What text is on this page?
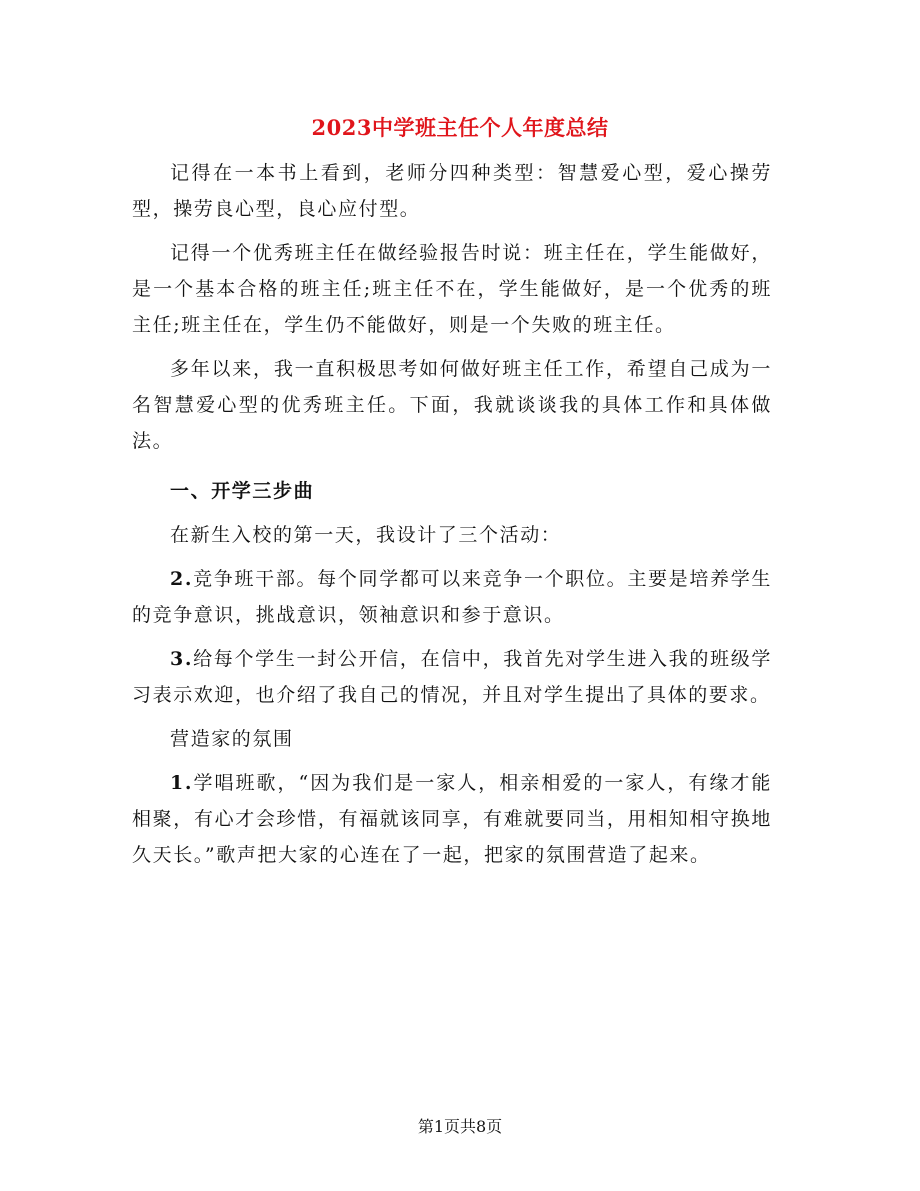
2023中学班主任个人年度总结

记得在一本书上看到，老师分四种类型：智慧爱心型，爱心操劳型，操劳良心型，良心应付型。

记得一个优秀班主任在做经验报告时说：班主任在，学生能做好，是一个基本合格的班主任;班主任不在，学生能做好，是一个优秀的班主任;班主任在，学生仍不能做好，则是一个失败的班主任。

多年以来，我一直积极思考如何做好班主任工作，希望自己成为一名智慧爱心型的优秀班主任。下面，我就谈谈我的具体工作和具体做法。

一、开学三步曲

在新生入校的第一天，我设计了三个活动：

2.竞争班干部。每个同学都可以来竞争一个职位。主要是培养学生的竞争意识，挑战意识，领袖意识和参于意识。

3.给每个学生一封公开信，在信中，我首先对学生进入我的班级学习表示欢迎，也介绍了我自己的情况，并且对学生提出了具体的要求。

营造家的氛围

1.学唱班歌，“因为我们是一家人，相亲相爱的一家人，有缘才能相聚，有心才会珍惜，有福就该同享，有难就要同当，用相知相守换地久天长。”歌声把大家的心连在了一起，把家的氛围营造了起来。

第1页共8页
